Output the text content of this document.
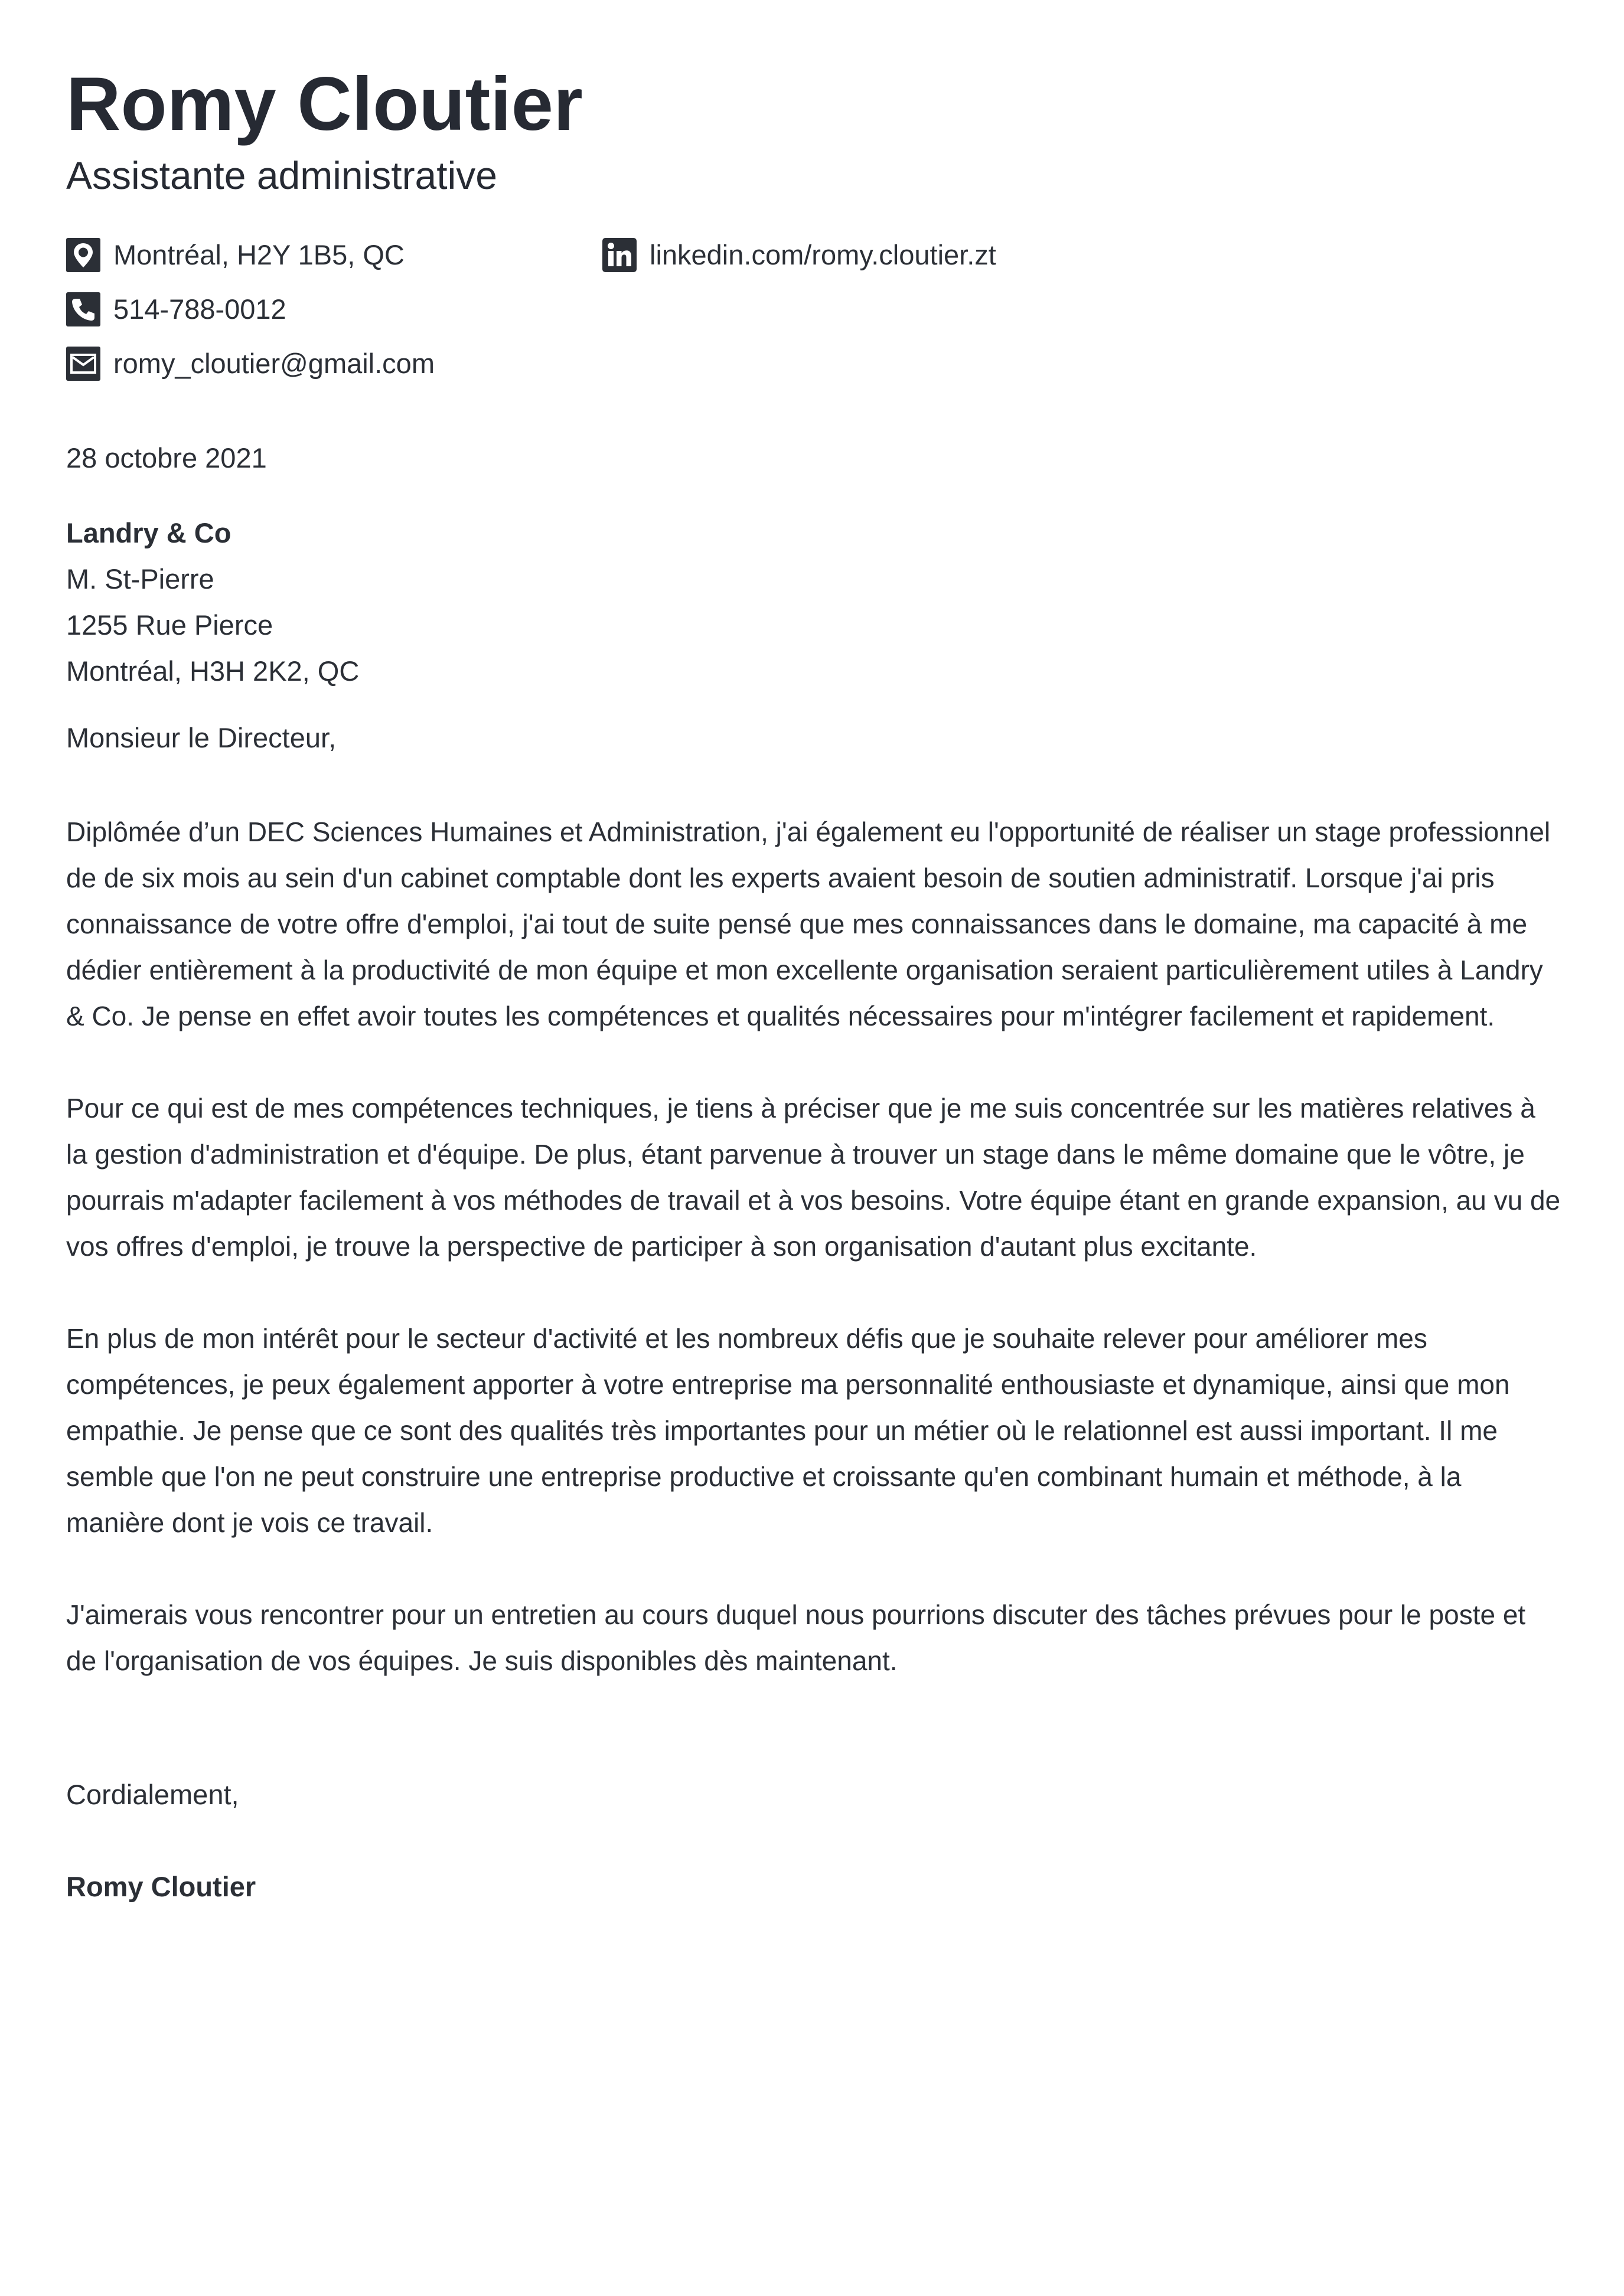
Romy Cloutier
Assistante administrative
Montréal, H2Y 1B5, QC
514-788-0012
romy_cloutier@gmail.com
linkedin.com/romy.cloutier.zt
28 octobre 2021
Landry & Co
M. St-Pierre
1255 Rue Pierce
Montréal, H3H 2K2, QC
Monsieur le Directeur,

Diplômée d’un DEC Sciences Humaines et Administration, j'ai également eu l'opportunité de réaliser un stage professionnel de de six mois au sein d'un cabinet comptable dont les experts avaient besoin de soutien administratif. Lorsque j'ai pris connaissance de votre offre d'emploi, j'ai tout de suite pensé que mes connaissances dans le domaine, ma capacité à me dédier entièrement à la productivité de mon équipe et mon excellente organisation seraient particulièrement utiles à Landry & Co. Je pense en effet avoir toutes les compétences et qualités nécessaires pour m'intégrer facilement et rapidement.

Pour ce qui est de mes compétences techniques, je tiens à préciser que je me suis concentrée sur les matières relatives à la gestion d'administration et d'équipe. De plus, étant parvenue à trouver un stage dans le même domaine que le vôtre, je pourrais m'adapter facilement à vos méthodes de travail et à vos besoins. Votre équipe étant en grande expansion, au vu de vos offres d'emploi, je trouve la perspective de participer à son organisation d'autant plus excitante.

En plus de mon intérêt pour le secteur d'activité et les nombreux défis que je souhaite relever pour améliorer mes compétences, je peux également apporter à votre entreprise ma personnalité enthousiaste et dynamique, ainsi que mon empathie. Je pense que ce sont des qualités très importantes pour un métier où le relationnel est aussi important. Il me semble que l'on ne peut construire une entreprise productive et croissante qu'en combinant humain et méthode, à la manière dont je vois ce travail.

J'aimerais vous rencontrer pour un entretien au cours duquel nous pourrions discuter des tâches prévues pour le poste et de l'organisation de vos équipes. Je suis disponibles dès maintenant.

Cordialement,
Romy Cloutier
